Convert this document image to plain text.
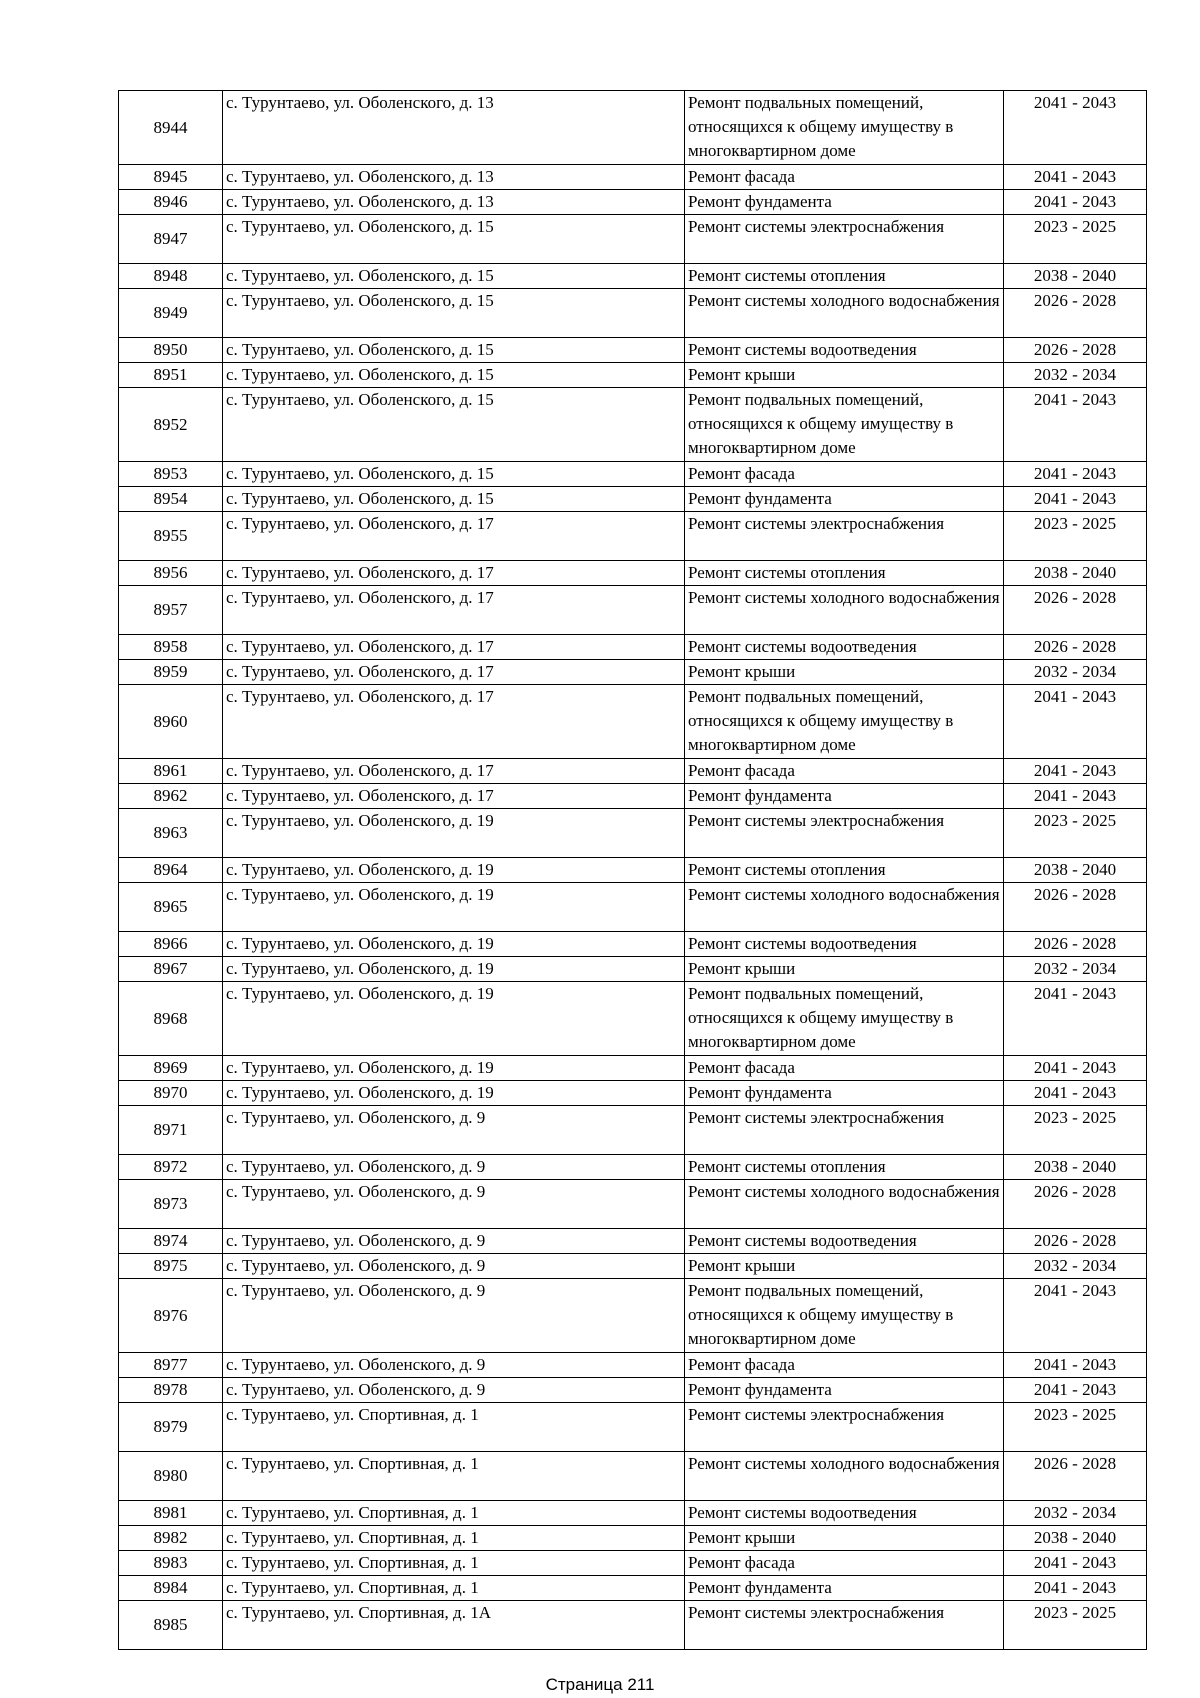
8944	с. Турунтаево, ул. Оболенского, д. 13	Ремонт подвальных помещений, относящихся к общему имуществу в многоквартирном доме	2041 - 2043
8945	с. Турунтаево, ул. Оболенского, д. 13	Ремонт фасада	2041 - 2043
8946	с. Турунтаево, ул. Оболенского, д. 13	Ремонт фундамента	2041 - 2043
8947	с. Турунтаево, ул. Оболенского, д. 15	Ремонт системы электроснабжения	2023 - 2025
8948	с. Турунтаево, ул. Оболенского, д. 15	Ремонт системы отопления	2038 - 2040
8949	с. Турунтаево, ул. Оболенского, д. 15	Ремонт системы холодного водоснабжения	2026 - 2028
8950	с. Турунтаево, ул. Оболенского, д. 15	Ремонт системы водоотведения	2026 - 2028
8951	с. Турунтаево, ул. Оболенского, д. 15	Ремонт крыши	2032 - 2034
8952	с. Турунтаево, ул. Оболенского, д. 15	Ремонт подвальных помещений, относящихся к общему имуществу в многоквартирном доме	2041 - 2043
8953	с. Турунтаево, ул. Оболенского, д. 15	Ремонт фасада	2041 - 2043
8954	с. Турунтаево, ул. Оболенского, д. 15	Ремонт фундамента	2041 - 2043
8955	с. Турунтаево, ул. Оболенского, д. 17	Ремонт системы электроснабжения	2023 - 2025
8956	с. Турунтаево, ул. Оболенского, д. 17	Ремонт системы отопления	2038 - 2040
8957	с. Турунтаево, ул. Оболенского, д. 17	Ремонт системы холодного водоснабжения	2026 - 2028
8958	с. Турунтаево, ул. Оболенского, д. 17	Ремонт системы водоотведения	2026 - 2028
8959	с. Турунтаево, ул. Оболенского, д. 17	Ремонт крыши	2032 - 2034
8960	с. Турунтаево, ул. Оболенского, д. 17	Ремонт подвальных помещений, относящихся к общему имуществу в многоквартирном доме	2041 - 2043
8961	с. Турунтаево, ул. Оболенского, д. 17	Ремонт фасада	2041 - 2043
8962	с. Турунтаево, ул. Оболенского, д. 17	Ремонт фундамента	2041 - 2043
8963	с. Турунтаево, ул. Оболенского, д. 19	Ремонт системы электроснабжения	2023 - 2025
8964	с. Турунтаево, ул. Оболенского, д. 19	Ремонт системы отопления	2038 - 2040
8965	с. Турунтаево, ул. Оболенского, д. 19	Ремонт системы холодного водоснабжения	2026 - 2028
8966	с. Турунтаево, ул. Оболенского, д. 19	Ремонт системы водоотведения	2026 - 2028
8967	с. Турунтаево, ул. Оболенского, д. 19	Ремонт крыши	2032 - 2034
8968	с. Турунтаево, ул. Оболенского, д. 19	Ремонт подвальных помещений, относящихся к общему имуществу в многоквартирном доме	2041 - 2043
8969	с. Турунтаево, ул. Оболенского, д. 19	Ремонт фасада	2041 - 2043
8970	с. Турунтаево, ул. Оболенского, д. 19	Ремонт фундамента	2041 - 2043
8971	с. Турунтаево, ул. Оболенского, д. 9	Ремонт системы электроснабжения	2023 - 2025
8972	с. Турунтаево, ул. Оболенского, д. 9	Ремонт системы отопления	2038 - 2040
8973	с. Турунтаево, ул. Оболенского, д. 9	Ремонт системы холодного водоснабжения	2026 - 2028
8974	с. Турунтаево, ул. Оболенского, д. 9	Ремонт системы водоотведения	2026 - 2028
8975	с. Турунтаево, ул. Оболенского, д. 9	Ремонт крыши	2032 - 2034
8976	с. Турунтаево, ул. Оболенского, д. 9	Ремонт подвальных помещений, относящихся к общему имуществу в многоквартирном доме	2041 - 2043
8977	с. Турунтаево, ул. Оболенского, д. 9	Ремонт фасада	2041 - 2043
8978	с. Турунтаево, ул. Оболенского, д. 9	Ремонт фундамента	2041 - 2043
8979	с. Турунтаево, ул. Спортивная, д. 1	Ремонт системы электроснабжения	2023 - 2025
8980	с. Турунтаево, ул. Спортивная, д. 1	Ремонт системы холодного водоснабжения	2026 - 2028
8981	с. Турунтаево, ул. Спортивная, д. 1	Ремонт системы водоотведения	2032 - 2034
8982	с. Турунтаево, ул. Спортивная, д. 1	Ремонт крыши	2038 - 2040
8983	с. Турунтаево, ул. Спортивная, д. 1	Ремонт фасада	2041 - 2043
8984	с. Турунтаево, ул. Спортивная, д. 1	Ремонт фундамента	2041 - 2043
8985	с. Турунтаево, ул. Спортивная, д. 1А	Ремонт системы электроснабжения	2023 - 2025
Страница 211
